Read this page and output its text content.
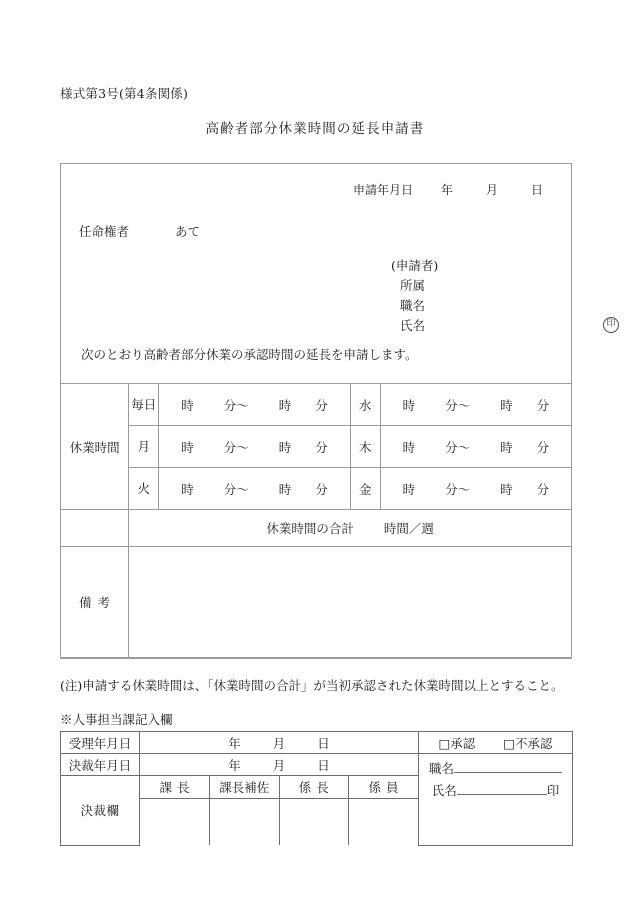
様式第3号(第4条関係)
高齢者部分休業時間の延長申請書
申請年月日 年	月	日
任命権者	あて
(申請者)
所属
職名
氏名	印
次のとおり高齢者部分休業の承認時間の延長を申請します。
休業時間	毎日	時 分〜 時 分	水	時 分〜 時 分
	月	時 分〜 時 分	木	時 分〜 時 分
	火	時 分〜 時 分	金	時 分〜 時 分
	休業時間の合計 時間／週			
備考				
(注)申請する休業時間は、「休業時間の合計」が当初承認された休業時間以上とすること。
※人事担当課記入欄
受理年月日	年	月	日	□承認 □不承認
決裁年月日	年	月	日	職名
氏名	印

決裁欄	
課長	課長補佐	係長	係員
